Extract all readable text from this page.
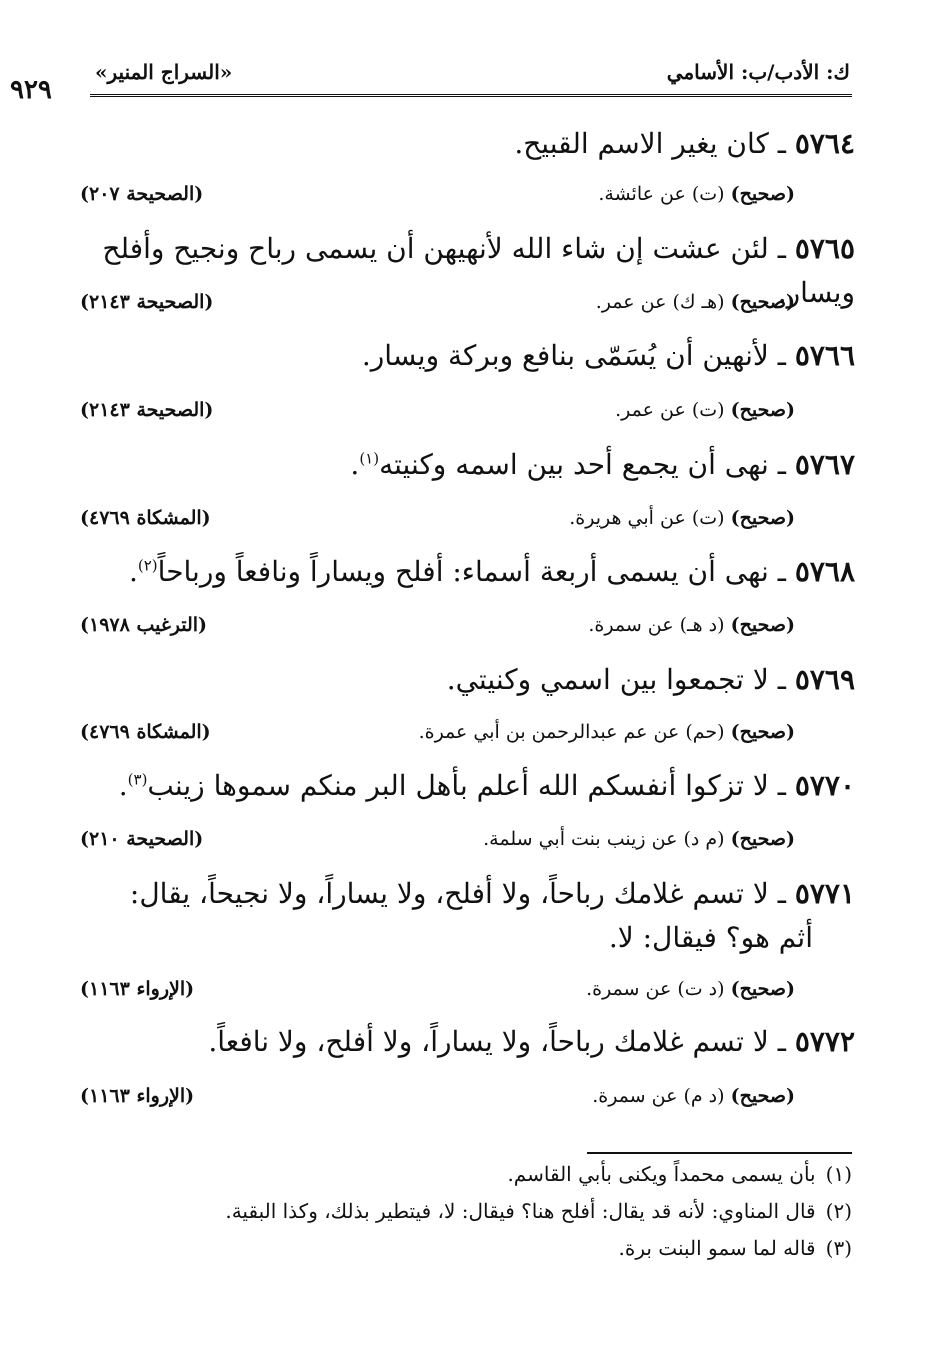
ك: الأدب/ب: الأسامي
«السراج المنير»
٩٢٩
٥٧٦٤ ـ كان يغير الاسم القبيح.
(صحيح) (ت) عن عائشة.
(الصحيحة ٢٠٧)
٥٧٦٥ ـ لئن عشت إن شاء الله لأنهيهن أن يسمى رباح ونجيح وأفلح ويسار.
(صحيح) (هـ ك) عن عمر.
(الصحيحة ٢١٤٣)
٥٧٦٦ ـ لأنهين أن يُسَمّى بنافع وبركة ويسار.
(صحيح) (ت) عن عمر.
(الصحيحة ٢١٤٣)
٥٧٦٧ ـ نهى أن يجمع أحد بين اسمه وكنيته$^{(١)}$.
(صحيح) (ت) عن أبي هريرة.
(المشكاة ٤٧٦٩)
٥٧٦٨ ـ نهى أن يسمى أربعة أسماء: أفلح ويساراً ونافعاً ورباحاً$^{(٢)}$.
(صحيح) (د هـ) عن سمرة.
(الترغيب ١٩٧٨)
٥٧٦٩ ـ لا تجمعوا بين اسمي وكنيتي.
(صحيح) (حم) عن عم عبدالرحمن بن أبي عمرة.
(المشكاة ٤٧٦٩)
٥٧٧٠ ـ لا تزكوا أنفسكم الله أعلم بأهل البر منكم سموها زينب$^{(٣)}$.
(صحيح) (م د) عن زينب بنت أبي سلمة.
(الصحيحة ٢١٠)
٥٧٧١ ـ لا تسم غلامك رباحاً، ولا أفلح، ولا يساراً، ولا نجيحاً، يقال:
أثم هو؟ فيقال: لا.
(صحيح) (د ت) عن سمرة.
(الإرواء ١١٦٣)
٥٧٧٢ ـ لا تسم غلامك رباحاً، ولا يساراً، ولا أفلح، ولا نافعاً.
(صحيح) (د م) عن سمرة.
(الإرواء ١١٦٣)
(١)بأن يسمى محمداً ويكنى بأبي القاسم.
(٢)قال المناوي: لأنه قد يقال: أفلح هنا؟ فيقال: لا، فيتطير بذلك، وكذا البقية.
(٣)قاله لما سمو البنت برة.
